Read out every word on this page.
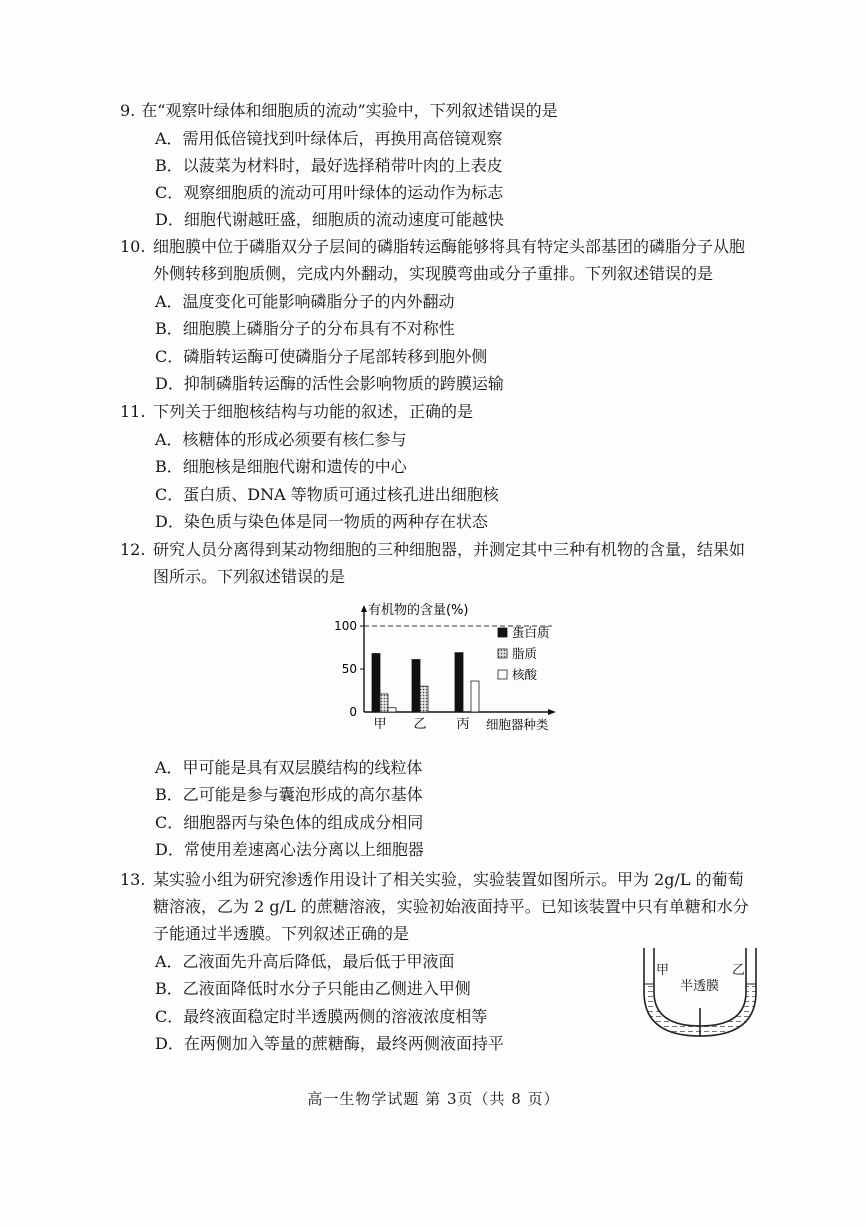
9. 在“观察叶绿体和细胞质的流动”实验中，下列叙述错误的是
A．需用低倍镜找到叶绿体后，再换用高倍镜观察
B．以菠菜为材料时，最好选择稍带叶肉的上表皮
C．观察细胞质的流动可用叶绿体的运动作为标志
D．细胞代谢越旺盛，细胞质的流动速度可能越快
10. 细胞膜中位于磷脂双分子层间的磷脂转运酶能够将具有特定头部基团的磷脂分子从胞
外侧转移到胞质侧，完成内外翻动，实现膜弯曲或分子重排。下列叙述错误的是
A．温度变化可能影响磷脂分子的内外翻动
B．细胞膜上磷脂分子的分布具有不对称性
C．磷脂转运酶可使磷脂分子尾部转移到胞外侧
D．抑制磷脂转运酶的活性会影响物质的跨膜运输
11. 下列关于细胞核结构与功能的叙述，正确的是
A．核糖体的形成必须要有核仁参与
B．细胞核是细胞代谢和遗传的中心
C．蛋白质、DNA 等物质可通过核孔进出细胞核
D．染色质与染色体是同一物质的两种存在状态
12. 研究人员分离得到某动物细胞的三种细胞器，并测定其中三种有机物的含量，结果如
图所示。下列叙述错误的是
有机物的含量(%)
0
50
100
甲 乙 丙
蛋白质
脂质
核酸
细胞器种类
A．甲可能是具有双层膜结构的线粒体
B．乙可能是参与囊泡形成的高尔基体
C．细胞器丙与染色体的组成成分相同
D．常使用差速离心法分离以上细胞器
13. 某实验小组为研究渗透作用设计了相关实验，实验装置如图所示。甲为 2g/L 的葡萄
糖溶液，乙为 2 g/L 的蔗糖溶液，实验初始液面持平。已知该装置中只有单糖和水分
子能通过半透膜。下列叙述正确的是
A．乙液面先升高后降低，最后低于甲液面
B．乙液面降低时水分子只能由乙侧进入甲侧
C．最终液面稳定时半透膜两侧的溶液浓度相等
D．在两侧加入等量的蔗糖酶，最终两侧液面持平
甲	乙
半透膜
高一生物学试题 第 3页（共 8 页）
